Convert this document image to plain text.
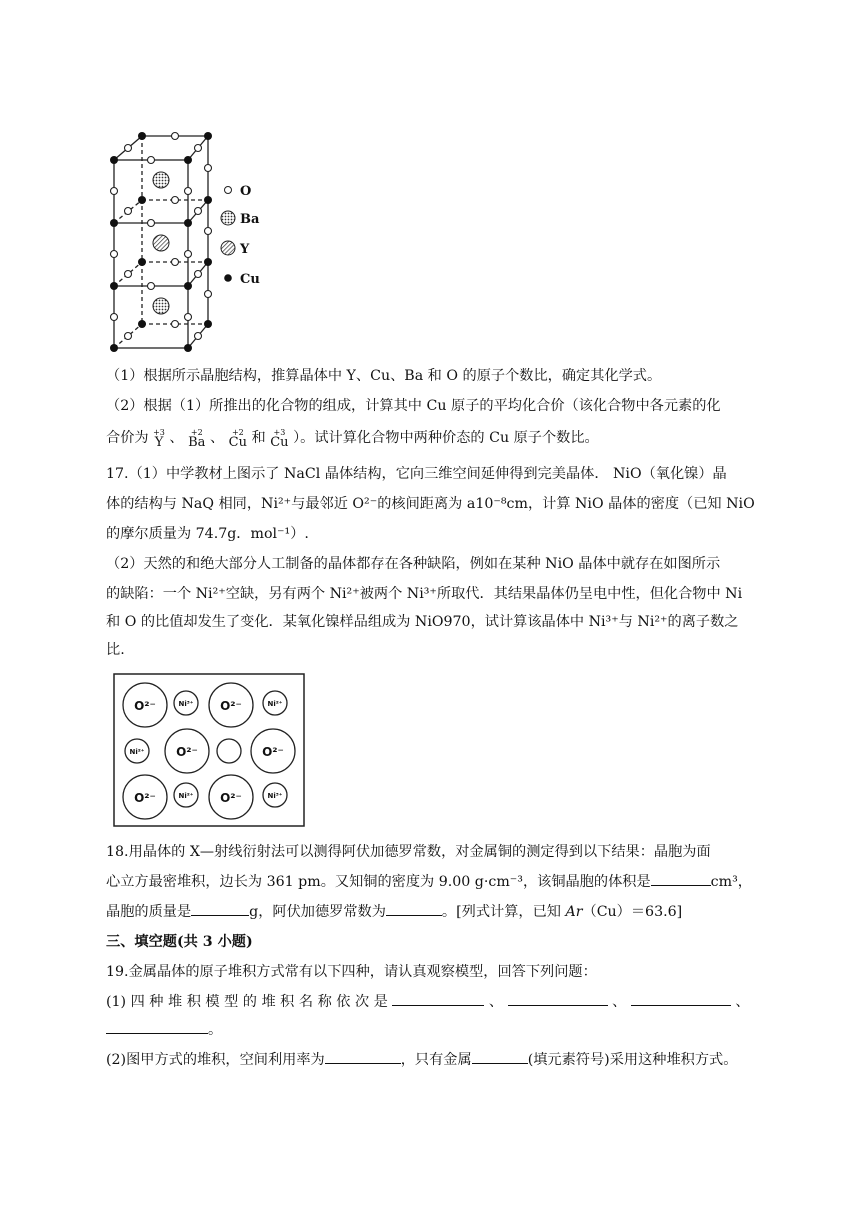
O
Ba
Y
Cu
（1）根据所示晶胞结构，推算晶体中 Y、Cu、Ba 和 O 的原子个数比，确定其化学式。
（2）根据（1）所推出的化合物的组成，计算其中 Cu 原子的平均化合价（该化合物中各元素的化
合价为 +3
Y 、 +2
Ba 、 +2
Cu 和 +3
Cu ）。试计算化合物中两种价态的 Cu 原子个数比。
17.（1）中学教材上图示了 NaCl 晶体结构，它向三维空间延伸得到完美晶体． NiO（氧化镍）晶
体的结构与 NaQ 相同，Ni²⁺与最邻近 O²⁻的核间距离为 a10⁻⁸cm，计算 NiO 晶体的密度（已知 NiO
的摩尔质量为 74.7g．mol⁻¹）.
（2）天然的和绝大部分人工制备的晶体都存在各种缺陷，例如在某种 NiO 晶体中就存在如图所示
的缺陷：一个 Ni²⁺空缺，另有两个 Ni²⁺被两个 Ni³⁺所取代．其结果晶体仍呈电中性，但化合物中 Ni
和 O 的比值却发生了变化．某氧化镍样品组成为 NiO970，试计算该晶体中 Ni³⁺与 Ni²⁺的离子数之
比.
O²⁻	O²⁻
Ni³⁺	Ni²⁺
Ni²⁺	O²⁻	O²⁻
O²⁻	O²⁻
Ni²⁺	Ni³⁺
18.用晶体的 X—射线衍射法可以测得阿伏加德罗常数，对金属铜的测定得到以下结果：晶胞为面
心立方最密堆积，边长为 361 pm。又知铜的密度为 9.00 g·cm⁻³，该铜晶胞的体积是	cm³，
晶胞的质量是	g，阿伏加德罗常数为	。[列式计算，已知 Ar（Cu）＝63.6]
三、填空题(共 3 小题)
19.金属晶体的原子堆积方式常有以下四种，请认真观察模型，回答下列问题：
(1) 四 种 堆 积 模 型 的 堆 积 名 称 依 次 是	、	、	、
。
(2)图甲方式的堆积，空间利用率为	，只有金属	(填元素符号)采用这种堆积方式。
